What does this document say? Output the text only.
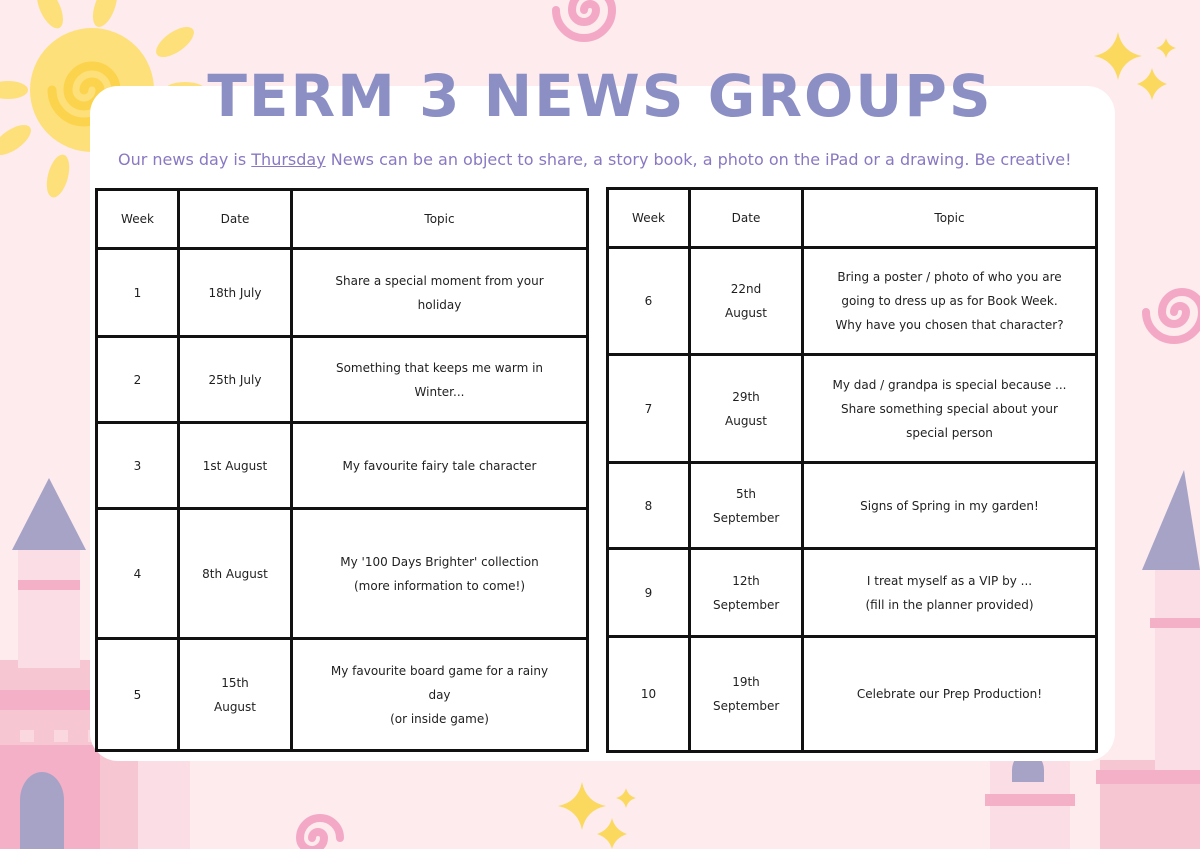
TERM 3 NEWS GROUPS
Our news day is Thursday News can be an object to share, a story book, a photo on the iPad or a drawing. Be creative!
Week	Date	Topic
1	18th July	Share a special moment from your
holiday
2	25th July	Something that keeps me warm in
Winter...
3	1st August	My favourite fairy tale character
4	8th August	My '100 Days Brighter' collection
(more information to come!)
5	15th
August	My favourite board game for a rainy
day
(or inside game)
Week	Date	Topic
6	22nd
August	Bring a poster / photo of who you are
going to dress up as for Book Week.
Why have you chosen that character?
7	29th
August	My dad / grandpa is special because ...
Share something special about your
special person
8	5th
September	Signs of Spring in my garden!
9	12th
September	I treat myself as a VIP by ...
(fill in the planner provided)
10	19th
September	Celebrate our Prep Production!
